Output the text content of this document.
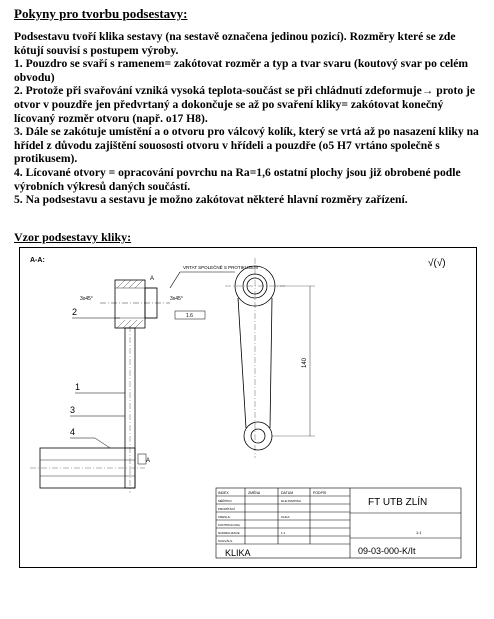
Pokyny pro tvorbu podsestavy:

Podsestavu tvoří klika sestavy (na sestavě označena jedinou pozicí). Rozměry které se zde kótují souvisí s postupem výroby.

1. Pouzdro se svaří s ramenem= zakótovat rozměr a typ a tvar svaru (koutový svar po celém obvodu)

2. Protože při svařování vzniká vysoká teplota-součást se při chládnutí zdeformuje→ proto je otvor v pouzdře jen předvrtaný a dokončuje se až po svaření kliky= zakótovat konečný lícovaný rozměr otvoru (např. o17 H8).

3. Dále se zakótuje umístění a o otvoru pro válcový kolík, který se vrtá až po nasazení kliky na hřídel z důvodu zajištění souososti otvoru v hřídeli a pouzdře (o5 H7 vrtáno společně s protikusem).

4. Lícované otvory = opracování povrchu na Ra=1,6 ostatní plochy jsou již obrobené podle výrobních výkresů daných součástí.

5. Na podsestavu a sestavu je možno zakótovat některé hlavní rozměry zařízení.

Vzor podsestavy kliky:
A-A:
A
A
VRTAT SPOLEČNĚ S PROTIKUSEM
3x45°
3x45°
1.6
2
1
3
4
140
√(√)
INDEX	ZMĚNA	DATUM	PODPIS
MĚŘÍTKO	DLE ROZPISU
PROMÍTÁNÍ
KRESLIL	KLIKA
KONTROLOVAL
NORMALIZACE	1:1
SCHVÁLIL
FT UTB ZLÍN
1:1
KLIKA	09-03-000-K/It
